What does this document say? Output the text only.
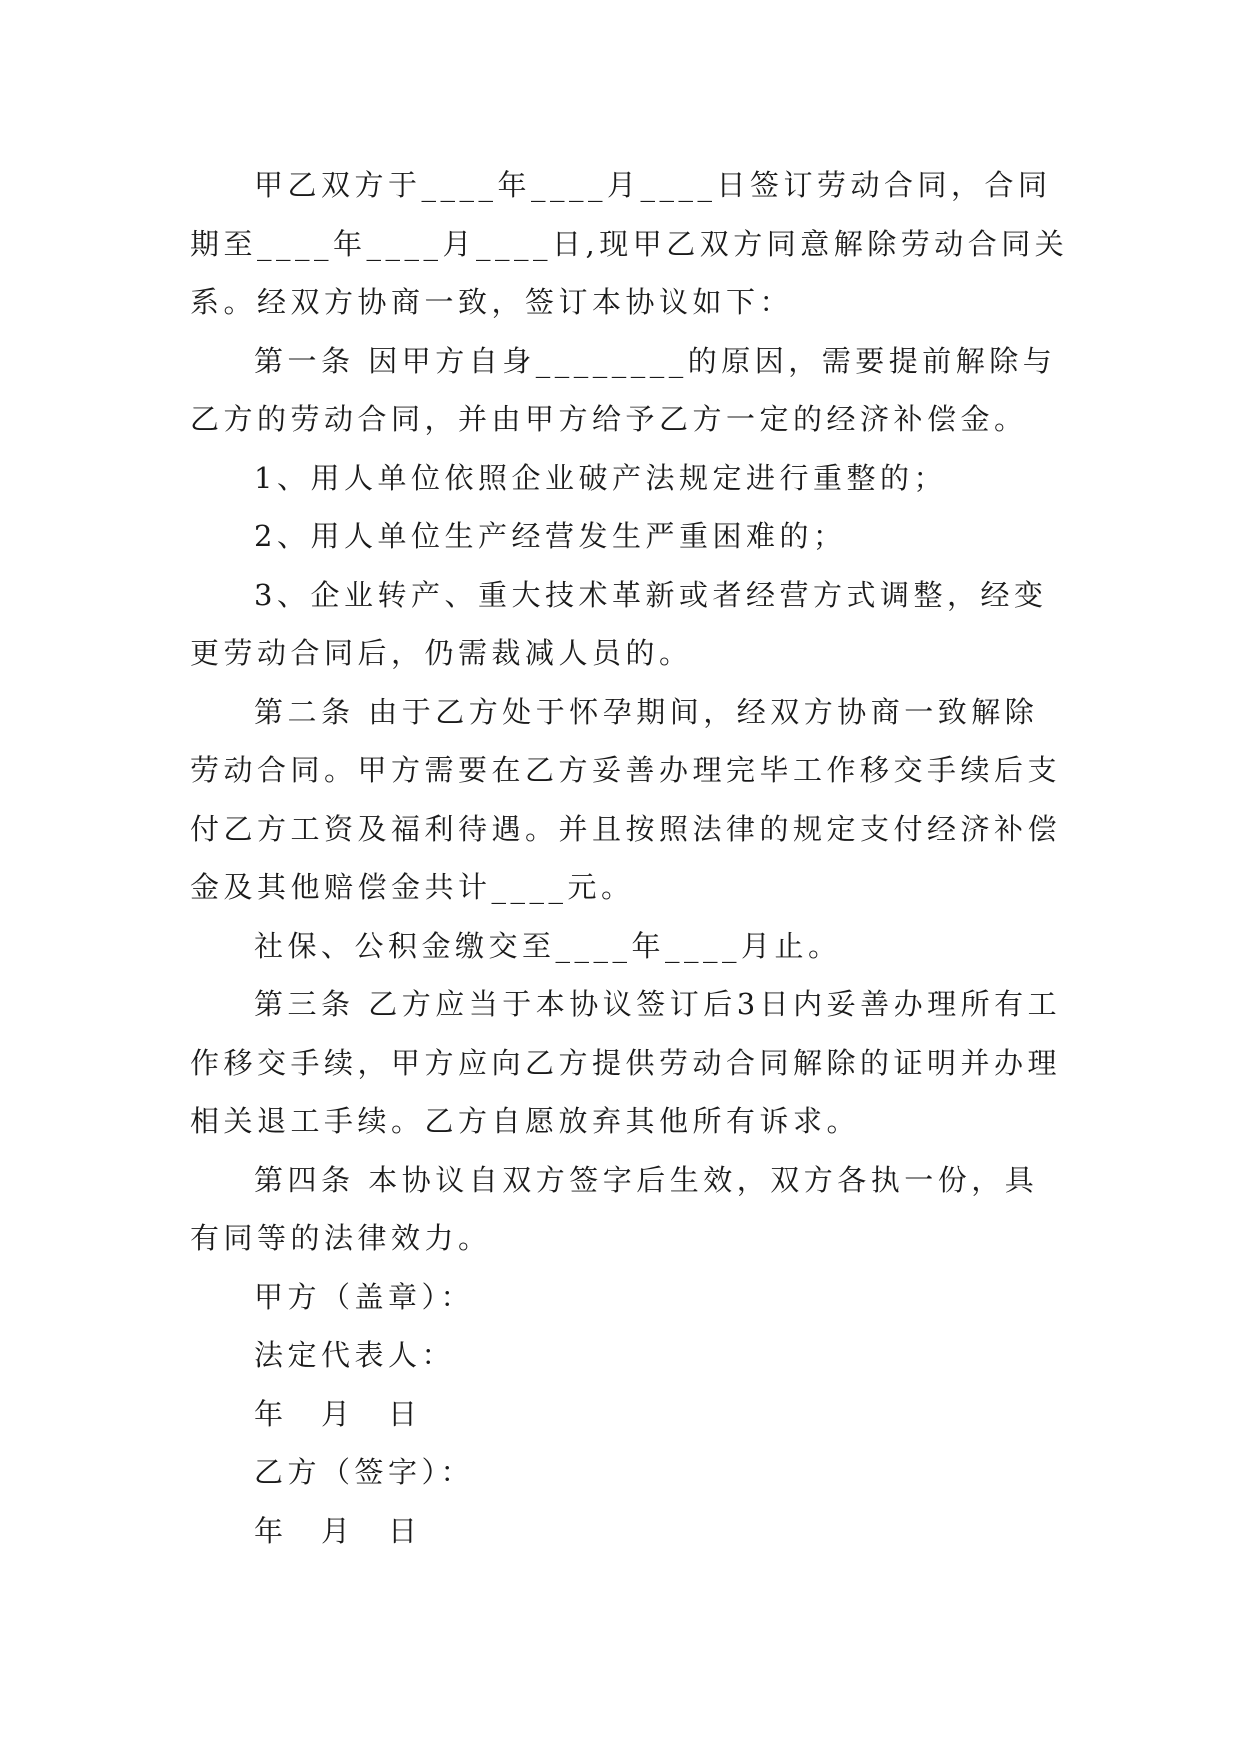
甲乙双方于____年____月____日签订劳动合同，合同期至____年____月____日,现甲乙双方同意解除劳动合同关系。经双方协商一致，签订本协议如下：

第一条 因甲方自身________的原因，需要提前解除与乙方的劳动合同，并由甲方给予乙方一定的经济补偿金。

1、用人单位依照企业破产法规定进行重整的；

2、用人单位生产经营发生严重困难的；

3、企业转产、重大技术革新或者经营方式调整，经变更劳动合同后，仍需裁减人员的。

第二条 由于乙方处于怀孕期间，经双方协商一致解除劳动合同。甲方需要在乙方妥善办理完毕工作移交手续后支付乙方工资及福利待遇。并且按照法律的规定支付经济补偿金及其他赔偿金共计____元。

社保、公积金缴交至____年____月止。

第三条 乙方应当于本协议签订后3日内妥善办理所有工作移交手续，甲方应向乙方提供劳动合同解除的证明并办理相关退工手续。乙方自愿放弃其他所有诉求。

第四条 本协议自双方签字后生效，双方各执一份，具有同等的法律效力。

甲方（盖章）：

法定代表人：

年　月　日

乙方（签字）：

年　月　日
